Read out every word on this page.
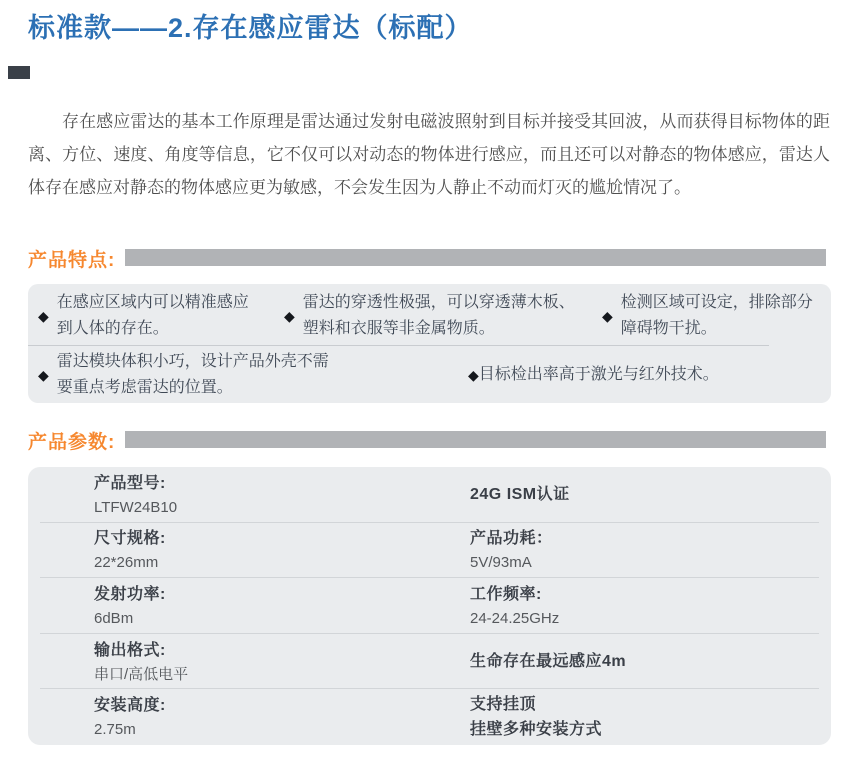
标准款——2.存在感应雷达（标配）

存在感应雷达的基本工作原理是雷达通过发射电磁波照射到目标并接受其回波，从而获得目标物体的距离、方位、速度、角度等信息，它不仅可以对动态的物体进行感应，而且还可以对静态的物体感应，雷达人体存在感应对静态的物体感应更为敏感，不会发生因为人静止不动而灯灭的尴尬情况了。

产品特点:
◆
在感应区域内可以精准感应到人体的存在。
◆
雷达的穿透性极强，可以穿透薄木板、塑料和衣服等非金属物质。
◆
检测区域可设定，排除部分障碍物干扰。
◆
雷达模块体积小巧，设计产品外壳不需要重点考虑雷达的位置。
◆ 目标检出率高于激光与红外技术。
产品参数:
产品型号:
LTFW24B10
24G ISM认证
尺寸规格:
22*26mm
产品功耗：
5V/93mA
发射功率:
6dBm
工作频率:
24-24.25GHz
输出格式:
串口/高低电平
生命存在最远感应4m
安装高度:
2.75m
支持挂顶
挂壁多种安装方式
